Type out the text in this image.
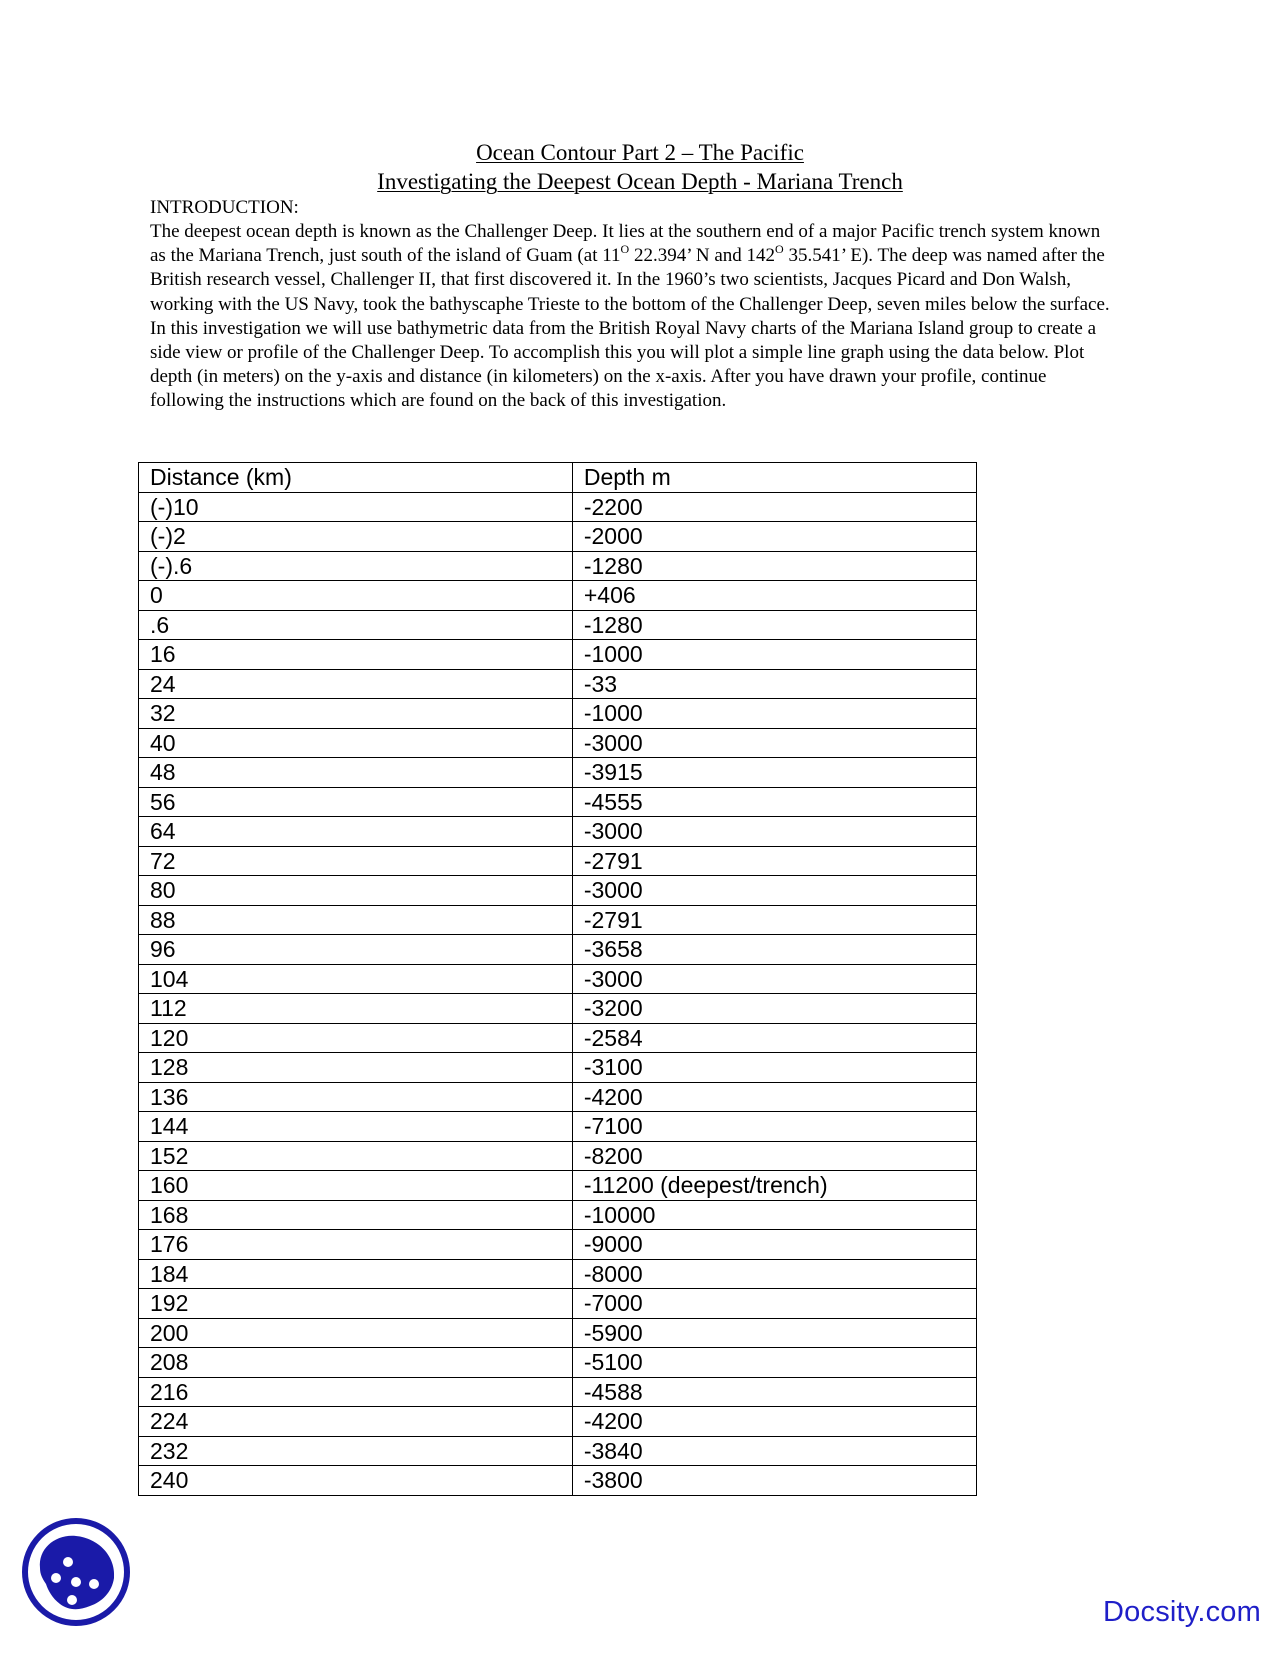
Ocean Contour Part 2 – The Pacific
Investigating the Deepest Ocean Depth - Mariana Trench
INTRODUCTION:

The deepest ocean depth is known as the Challenger Deep. It lies at the southern end of a major Pacific trench system known as the Mariana Trench, just south of the island of Guam (at $11^O$ 22.394’ N and $142^O$ 35.541’ E). The deep was named after the British research vessel, Challenger II, that first discovered it. In the 1960’s two scientists, Jacques Picard and Don Walsh, working with the US Navy, took the bathyscaphe Trieste to the bottom of the Challenger Deep, seven miles below the surface.

In this investigation we will use bathymetric data from the British Royal Navy charts of the Mariana Island group to create a side view or profile of the Challenger Deep. To accomplish this you will plot a simple line graph using the data below. Plot depth (in meters) on the y-axis and distance (in kilometers) on the x-axis. After you have drawn your profile, continue following the instructions which are found on the back of this investigation.

Distance (km)	Depth m
(-)10	-2200
(-)2	-2000
(-).6	-1280
0	+406
.6	-1280
16	-1000
24	-33
32	-1000
40	-3000
48	-3915
56	-4555
64	-3000
72	-2791
80	-3000
88	-2791
96	-3658
104	-3000
112	-3200
120	-2584
128	-3100
136	-4200
144	-7100
152	-8200
160	-11200 (deepest/trench)
168	-10000
176	-9000
184	-8000
192	-7000
200	-5900
208	-5100
216	-4588
224	-4200
232	-3840
240	-3800
Docsity.com
